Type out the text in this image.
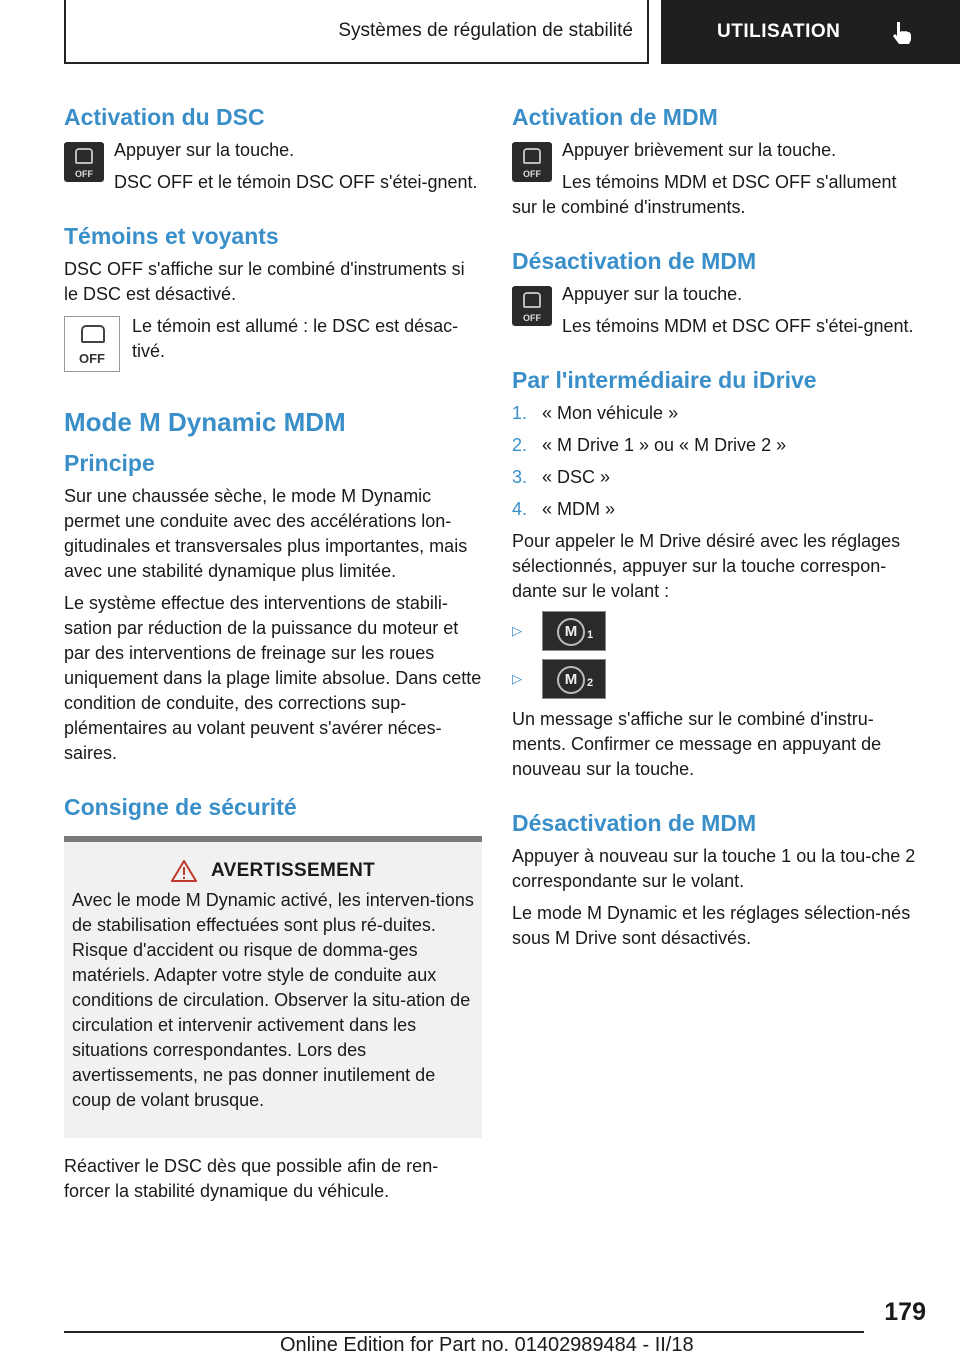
Systèmes de régulation de stabilité	UTILISATION
Activation du DSC
OFF

Appuyer sur la touche.

DSC OFF et le témoin DSC OFF s'étei-gnent.

Témoins et voyants

DSC OFF s'affiche sur le combiné d'instruments si le DSC est désactivé.

OFF

Le témoin est allumé : le DSC est désac-tivé.

Mode M Dynamic MDM
Principe

Sur une chaussée sèche, le mode M Dynamic permet une conduite avec des accélérations lon-gitudinales et transversales plus importantes, mais avec une stabilité dynamique plus limitée.

Le système effectue des interventions de stabili-sation par réduction de la puissance du moteur et par des interventions de freinage sur les roues uniquement dans la plage limite absolue. Dans cette condition de conduite, des corrections sup-plémentaires au volant peuvent s'avérer néces-saires.

Consigne de sécurité
AVERTISSEMENT

Avec le mode M Dynamic activé, les interven-tions de stabilisation effectuées sont plus ré-duites. Risque d'accident ou risque de domma-ges matériels. Adapter votre style de conduite aux conditions de circulation. Observer la situ-ation de circulation et intervenir activement dans les situations correspondantes. Lors des avertissements, ne pas donner inutilement de coup de volant brusque.

Réactiver le DSC dès que possible afin de ren-forcer la stabilité dynamique du véhicule.

Activation de MDM
OFF

Appuyer brièvement sur la touche.

Les témoins MDM et DSC OFF s'allument sur le combiné d'instruments.

Désactivation de MDM
OFF

Appuyer sur la touche.

Les témoins MDM et DSC OFF s'étei-gnent.

Par l'intermédiaire du iDrive
1. « Mon véhicule »
2. « M Drive 1 » ou « M Drive 2 »
3. « DSC »
4. « MDM »

Pour appeler le M Drive désiré avec les réglages sélectionnés, appuyer sur la touche correspon-dante sur le volant :

▷	M 1
▷	M 2

Un message s'affiche sur le combiné d'instru-ments. Confirmer ce message en appuyant de nouveau sur la touche.

Désactivation de MDM

Appuyer à nouveau sur la touche 1 ou la tou-che 2 correspondante sur le volant.

Le mode M Dynamic et les réglages sélection-nés sous M Drive sont désactivés.

179
Online Edition for Part no. 01402989484 - II/18
